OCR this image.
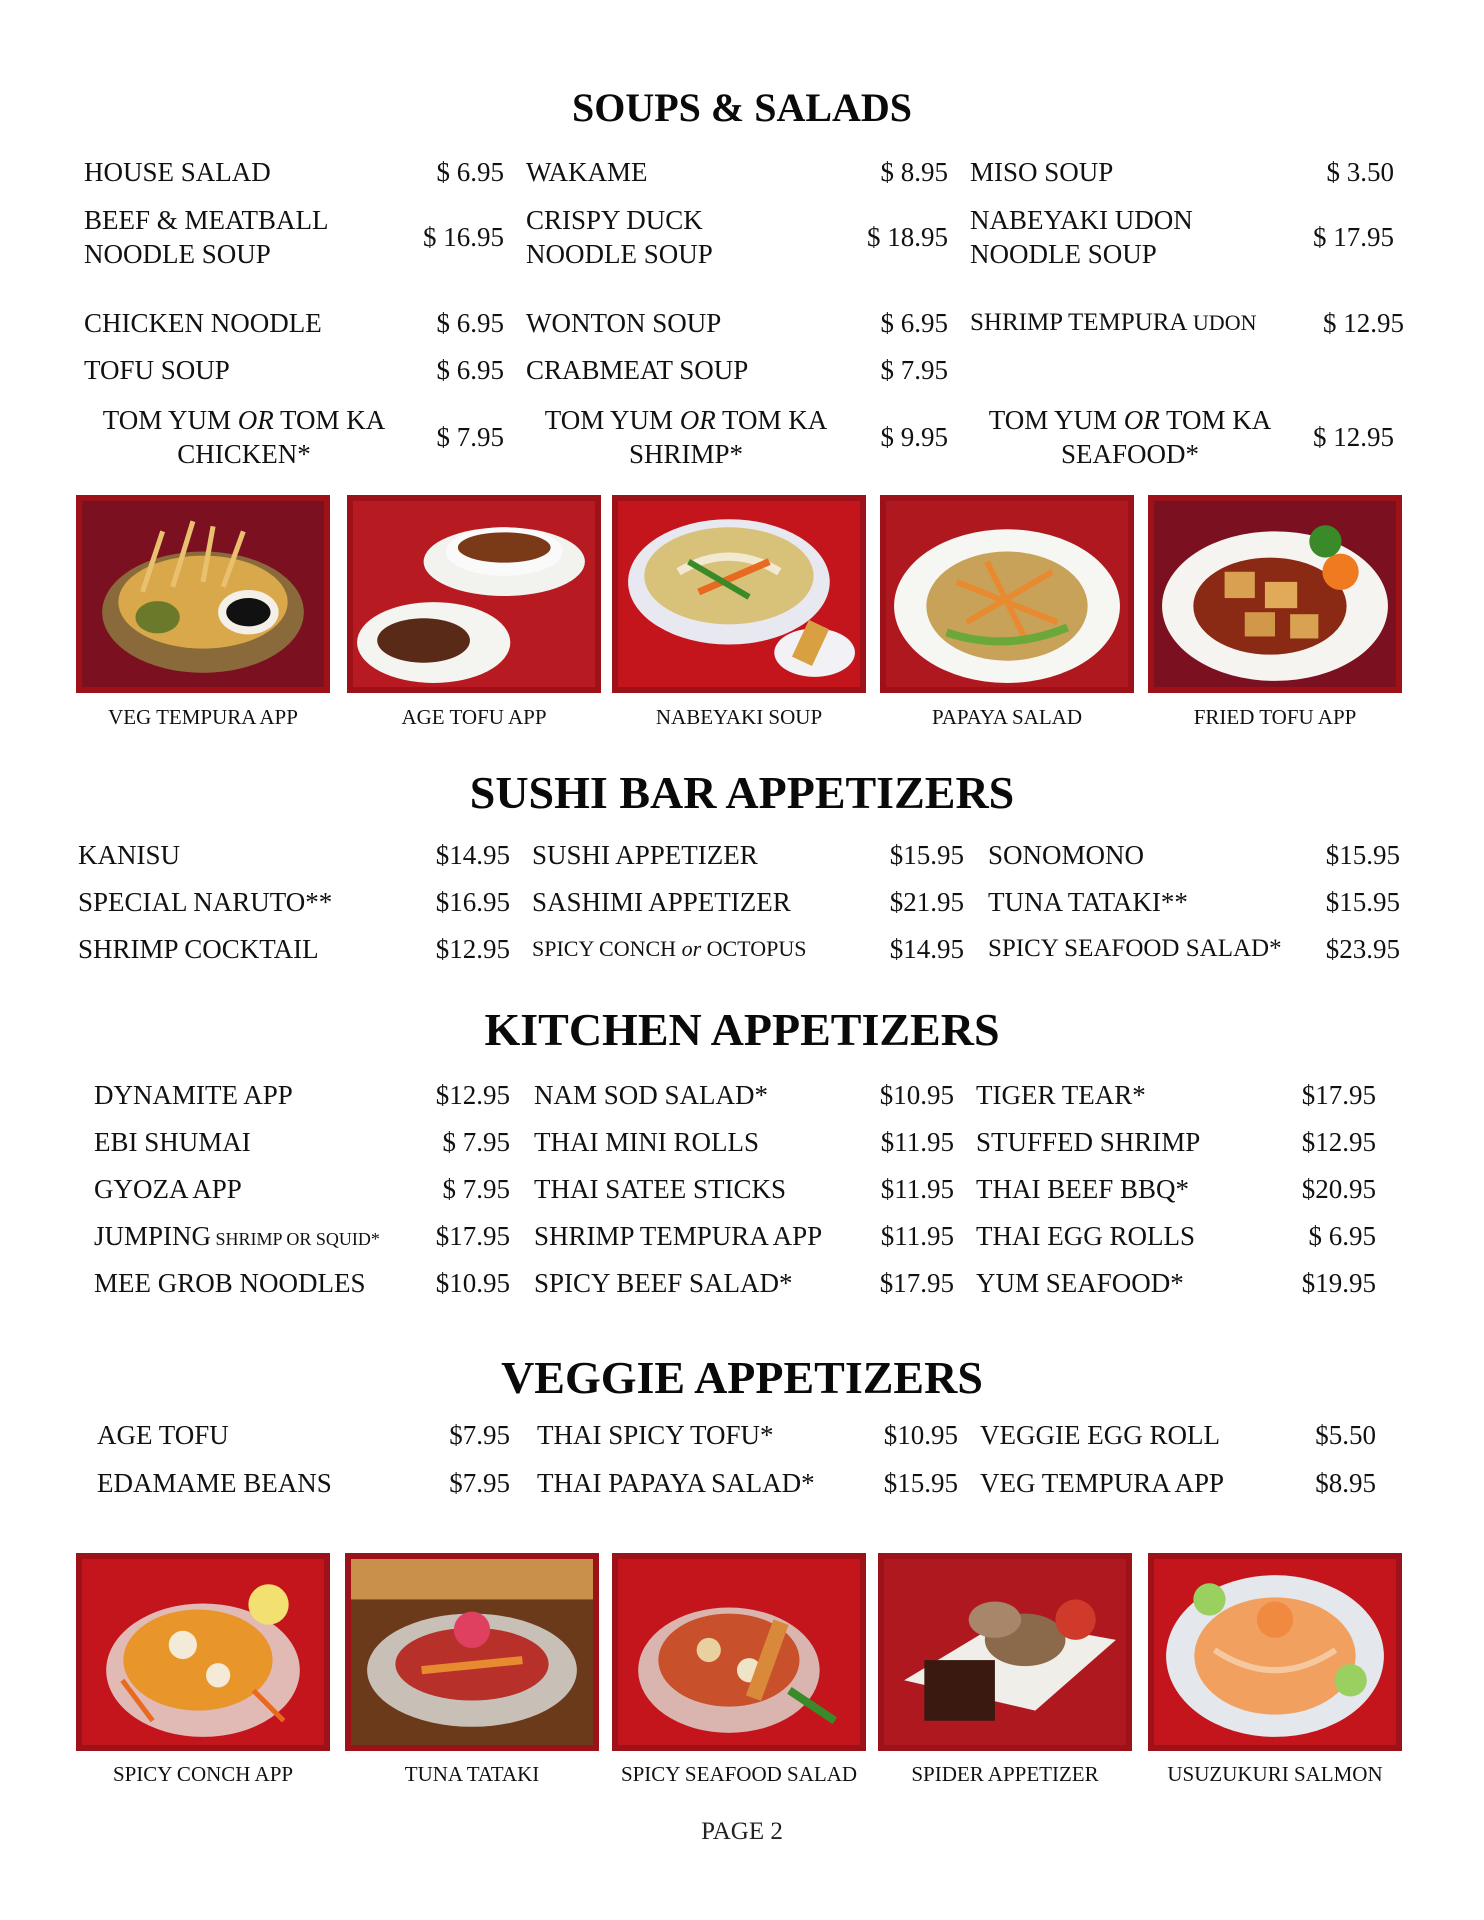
SOUPS & SALADS
HOUSE SALAD	$ 6.95
BEEF & MEATBALL
NOODLE SOUP
$ 16.95
CHICKEN NOODLE	$ 6.95
TOFU SOUP	$ 6.95
TOM YUM OR TOM KA
CHICKEN*
$ 7.95
WAKAME	$ 8.95
CRISPY DUCK
NOODLE SOUP
$ 18.95
WONTON SOUP	$ 6.95
CRABMEAT SOUP	$ 7.95
TOM YUM OR TOM KA
SHRIMP*
$ 9.95
MISO SOUP	$ 3.50
NABEYAKI UDON
NOODLE SOUP
$ 17.95
SHRIMP TEMPURA UDON	$ 12.95
TOM YUM OR TOM KA
SEAFOOD*
$ 12.95
VEG TEMPURA APP	AGE TOFU APP	NABEYAKI SOUP	PAPAYA SALAD	FRIED TOFU APP
SUSHI BAR APPETIZERS
KANISU	$14.95
SPECIAL NARUTO**	$16.95
SHRIMP COCKTAIL	$12.95
SUSHI APPETIZER	$15.95
SASHIMI APPETIZER	$21.95
SPICY CONCH or OCTOPUS	$14.95
SONOMONO	$15.95
TUNA TATAKI**	$15.95
SPICY SEAFOOD SALAD*	$23.95
KITCHEN APPETIZERS
DYNAMITE APP	$12.95
EBI SHUMAI	$ 7.95
GYOZA APP	$ 7.95
JUMPING SHRIMP OR SQUID*	$17.95
MEE GROB NOODLES	$10.95
NAM SOD SALAD*	$10.95
THAI MINI ROLLS	$11.95
THAI SATEE STICKS	$11.95
SHRIMP TEMPURA APP	$11.95
SPICY BEEF SALAD*	$17.95
TIGER TEAR*	$17.95
STUFFED SHRIMP	$12.95
THAI BEEF BBQ*	$20.95
THAI EGG ROLLS	$ 6.95
YUM SEAFOOD*	$19.95
VEGGIE APPETIZERS
AGE TOFU	$7.95
EDAMAME BEANS	$7.95
THAI SPICY TOFU*	$10.95
THAI PAPAYA SALAD*	$15.95
VEGGIE EGG ROLL	$5.50
VEG TEMPURA APP	$8.95
SPICY CONCH APP	TUNA TATAKI	SPICY SEAFOOD SALAD	SPIDER APPETIZER	USUZUKURI SALMON
PAGE 2
